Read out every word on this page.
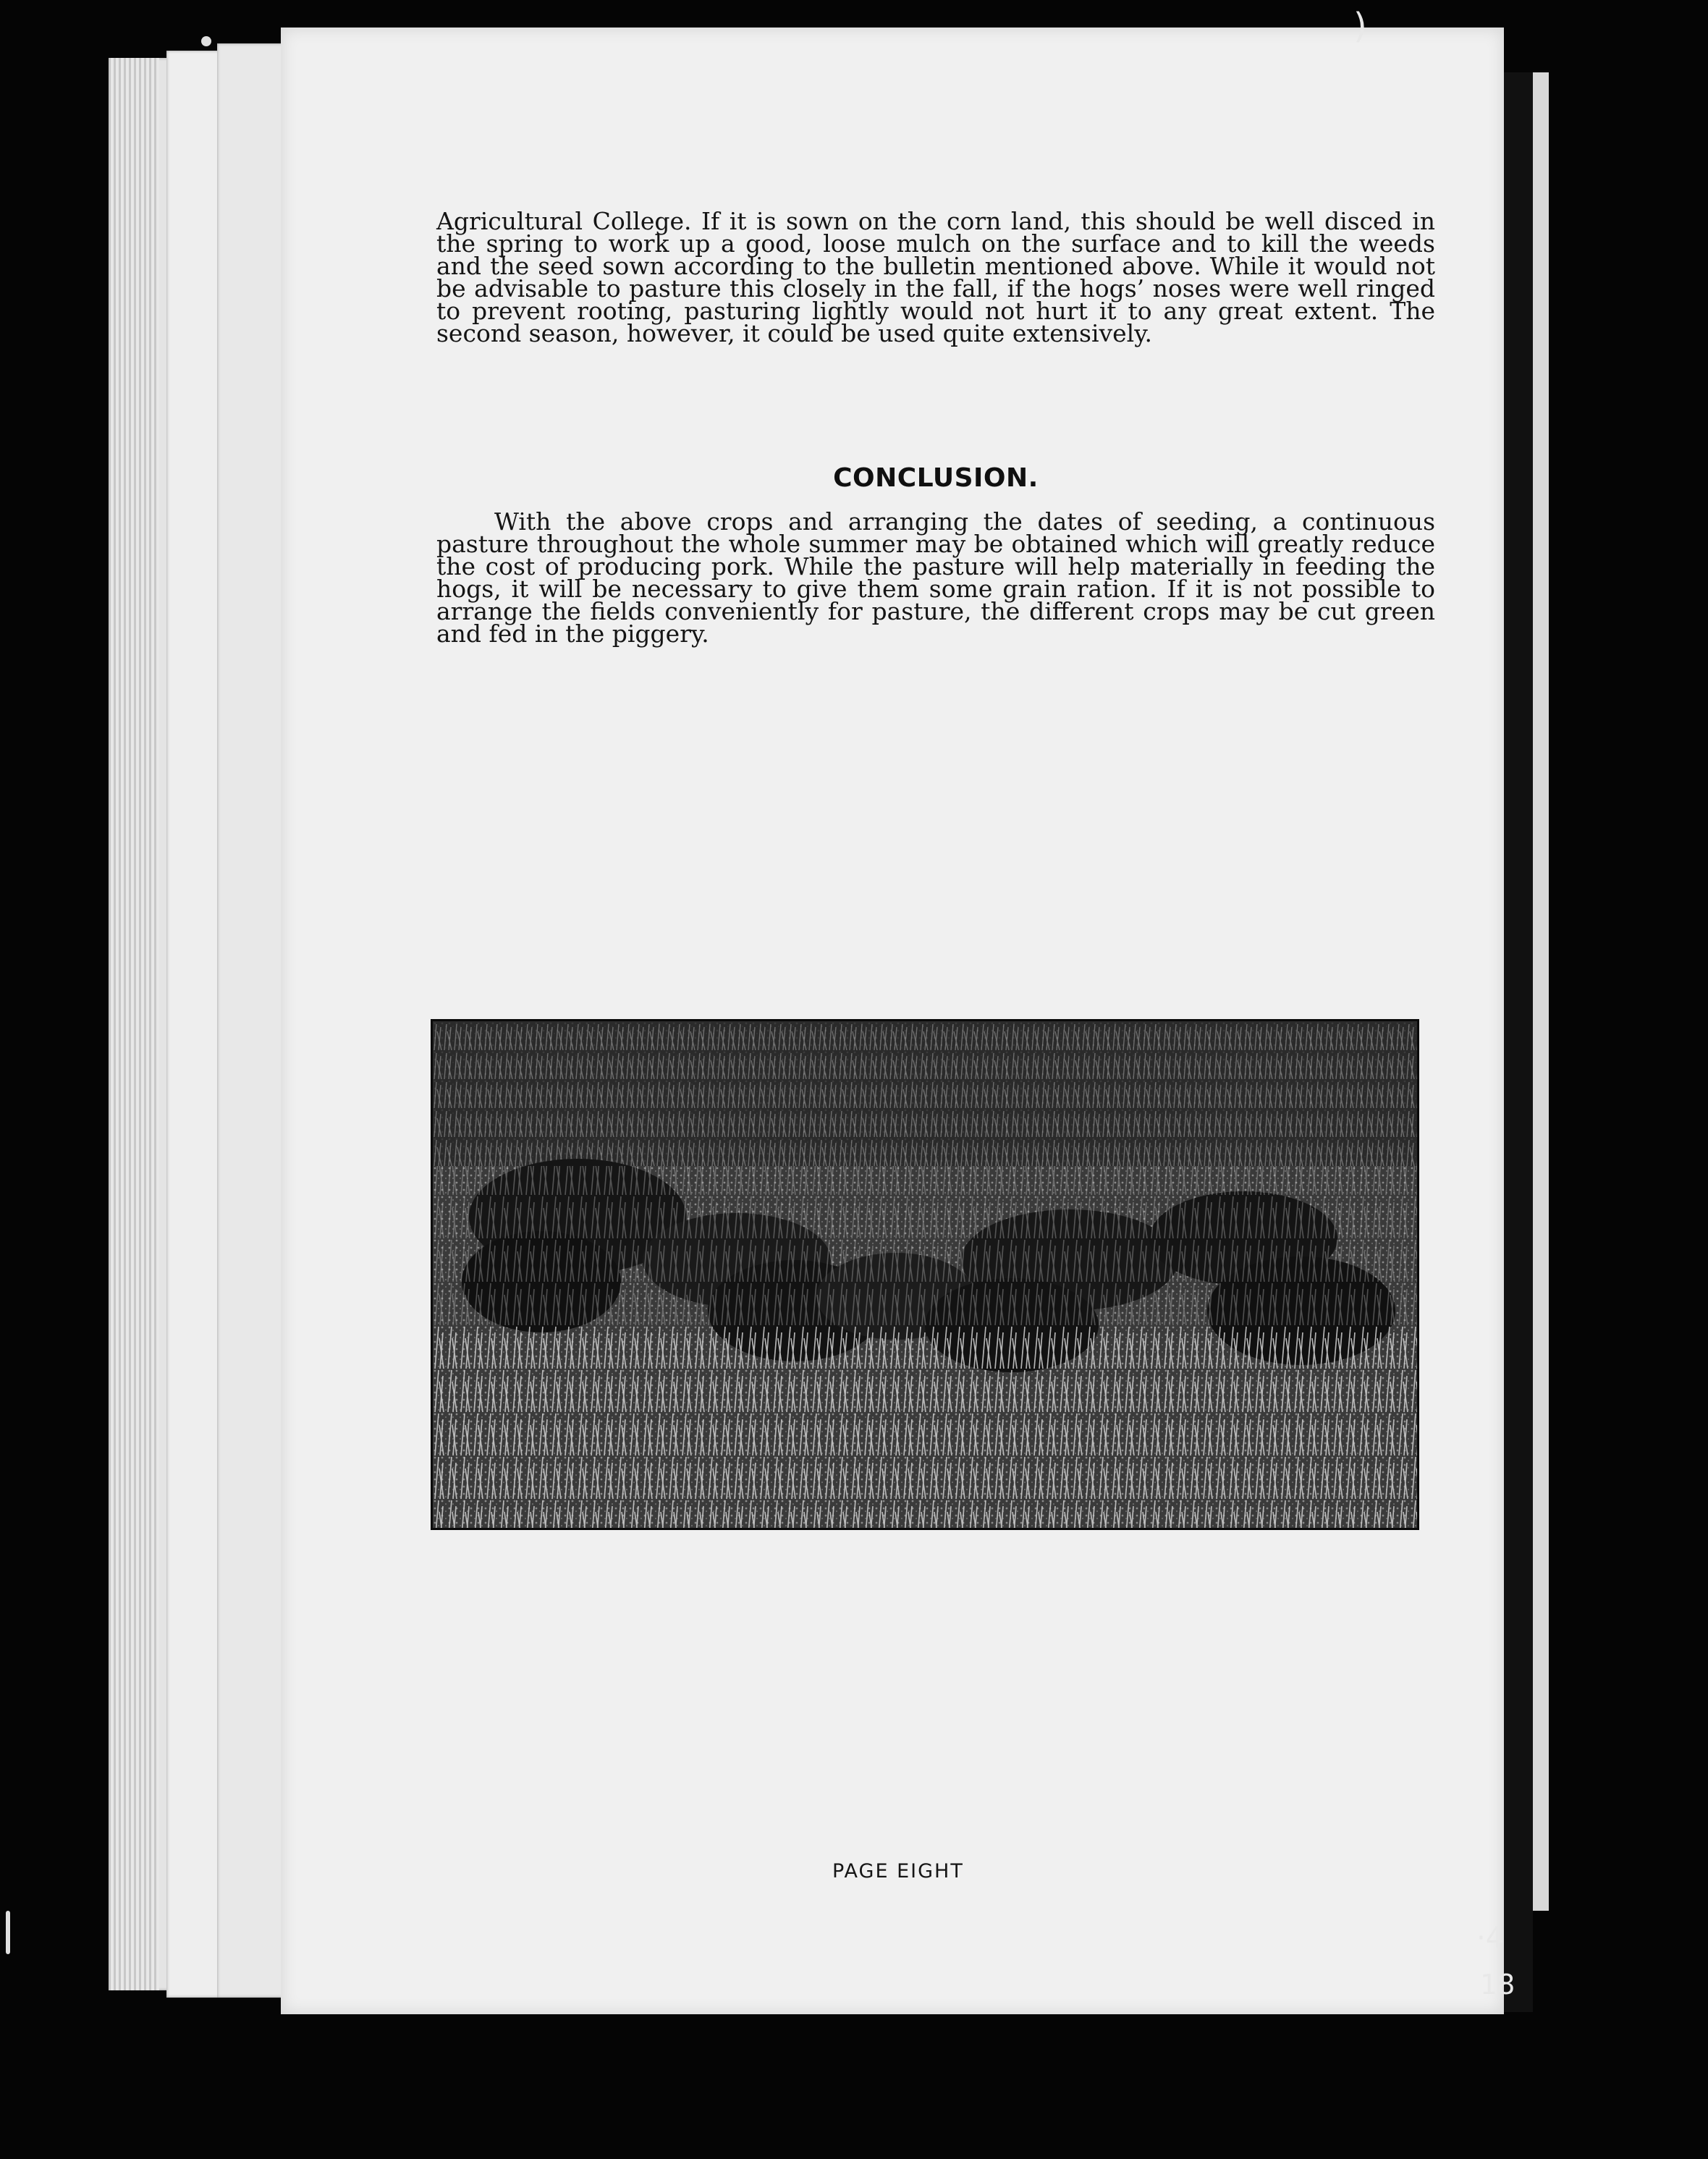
Agricultural College. If it is sown on the corn land, this should be well disced in the spring to work up a good, loose mulch on the surface and to kill the weeds and the seed sown according to the bulletin mentioned above. While it would not be advisable to pasture this closely in the fall, if the hogs’ noses were well ringed to prevent rooting, pasturing lightly would not hurt it to any great extent. The second season, however, it could be used quite extensively.

CONCLUSION.

With the above crops and arranging the dates of seeding, a continuous pasture throughout the whole summer may be obtained which will greatly reduce the cost of producing pork. While the pasture will help materially in feeding the hogs, it will be necessary to give them some grain ration. If it is not possible to arrange the fields conveniently for pasture, the different crops may be cut green and fed in the piggery.

PAGE EIGHT
)
·4
18
